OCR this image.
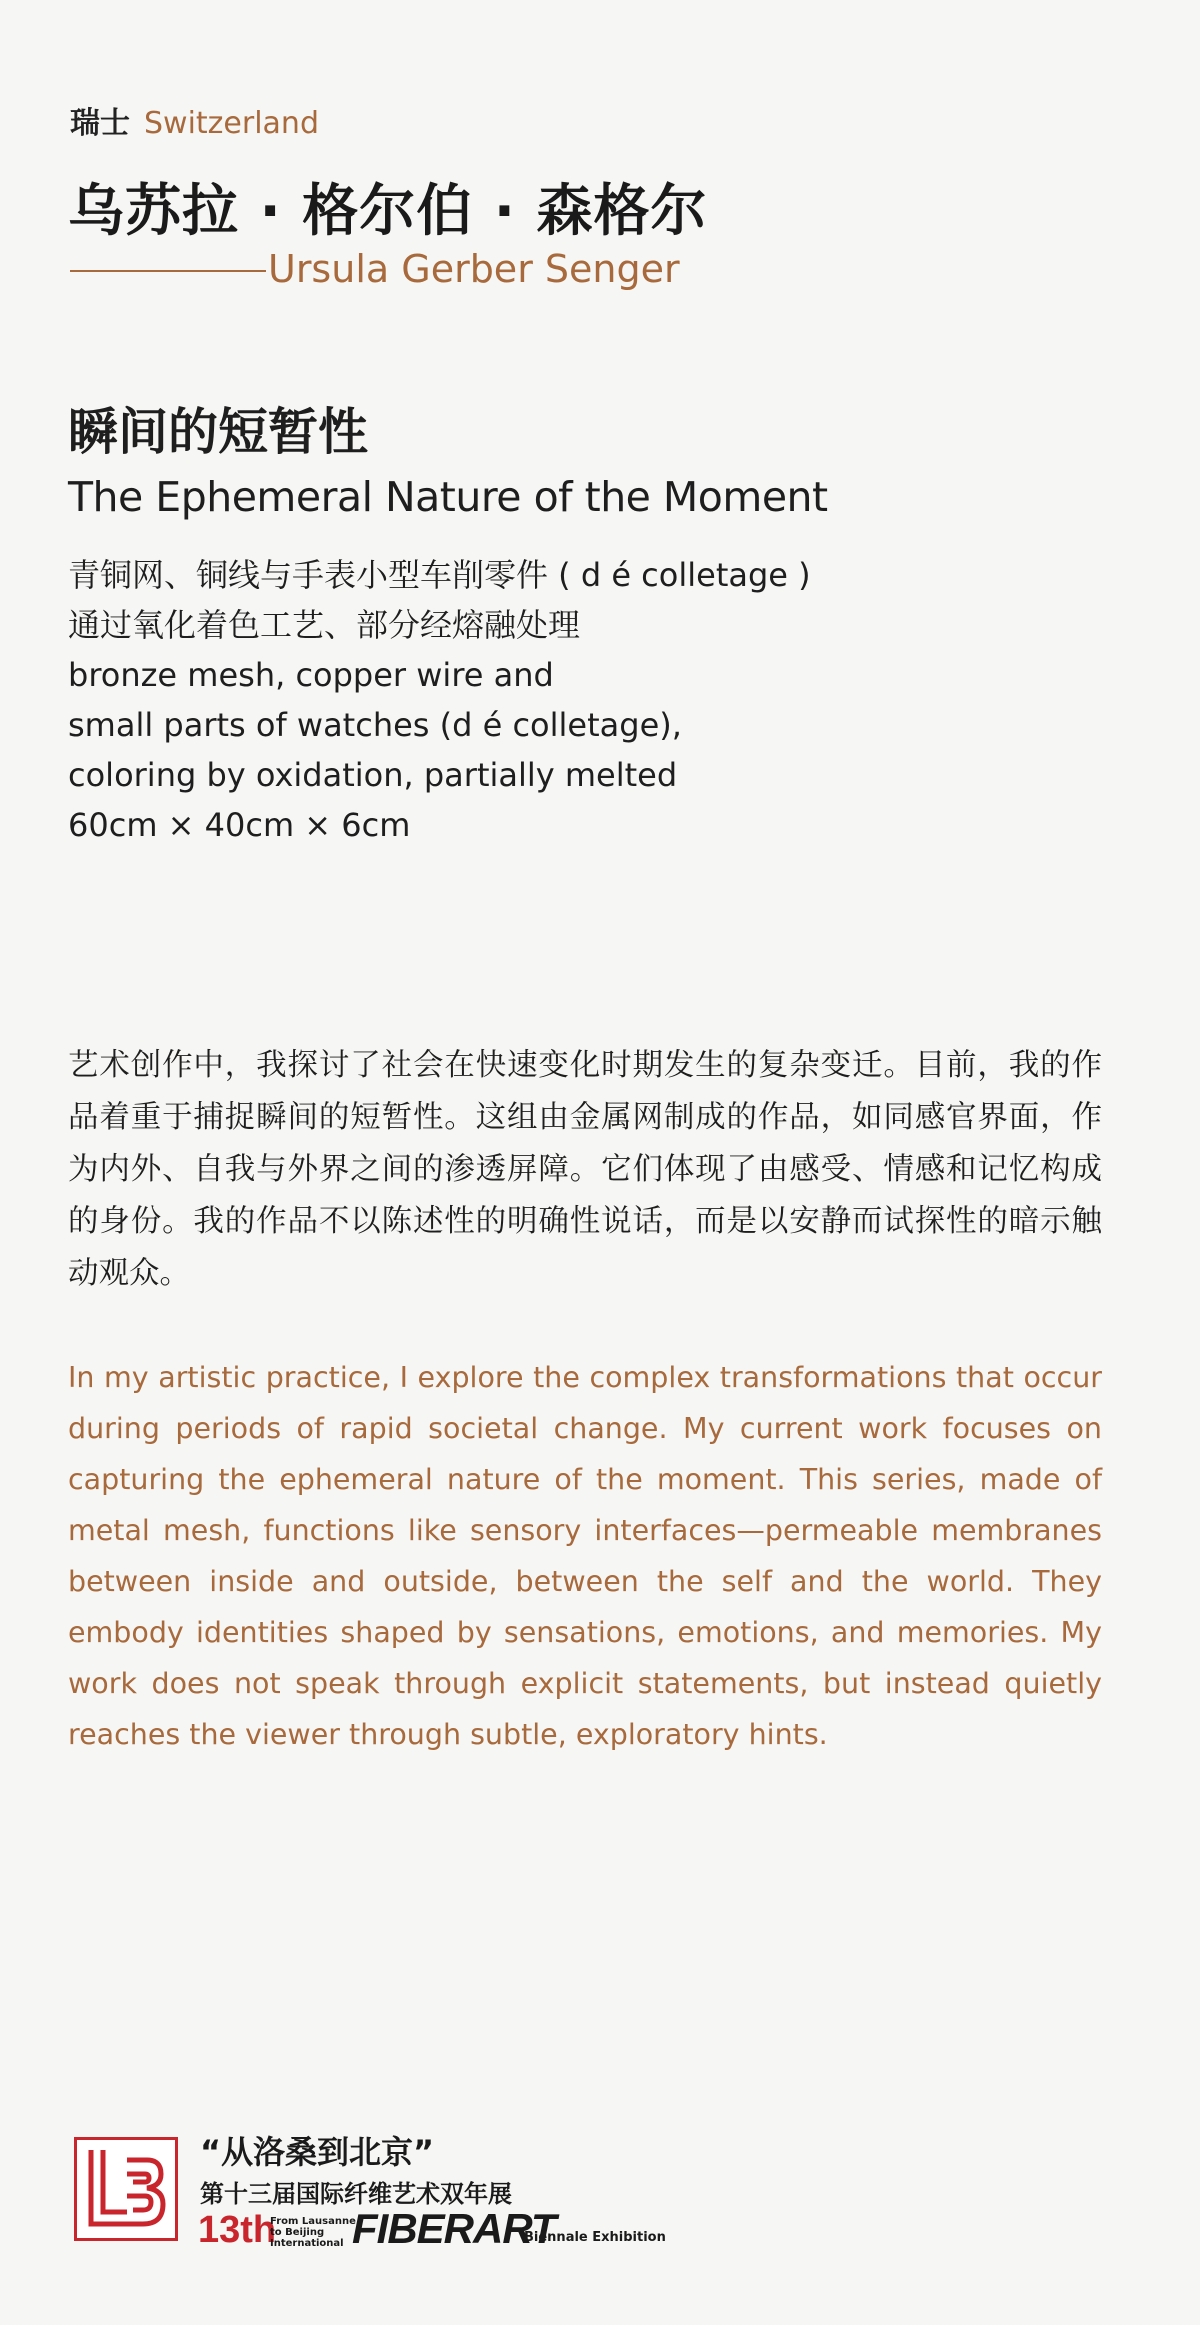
瑞士 Switzerland
乌苏拉 · 格尔伯 · 森格尔
Ursula Gerber Senger
瞬间的短暂性
The Ephemeral Nature of the Moment
青铜网、铜线与手表小型车削零件 ( d é colletage )
通过氧化着色工艺、部分经熔融处理
bronze mesh, copper wire and
small parts of watches (d é colletage),
coloring by oxidation, partially melted
60cm × 40cm × 6cm
艺术创作中，我探讨了社会在快速变化时期发生的复杂变迁。目前，我的作品着重于捕捉瞬间的短暂性。这组由金属网制成的作品，如同感官界面，作为内外、自我与外界之间的渗透屏障。它们体现了由感受、情感和记忆构成的身份。我的作品不以陈述性的明确性说话，而是以安静而试探性的暗示触动观众。
In my artistic practice, I explore the complex transformations that occur during periods of rapid societal change. My current work focuses on capturing the ephemeral nature of the moment. This series, made of metal mesh, functions like sensory interfaces—permeable membranes between inside and outside, between the self and the world. They embody identities shaped by sensations, emotions, and memories. My work does not speak through explicit statements, but instead quietly reaches the viewer through subtle, exploratory hints.
“从洛桑到北京”
第十三届国际纤维艺术双年展
13th
From Lausanne
to Beijing
International FIBERART
Biennale Exhibition
